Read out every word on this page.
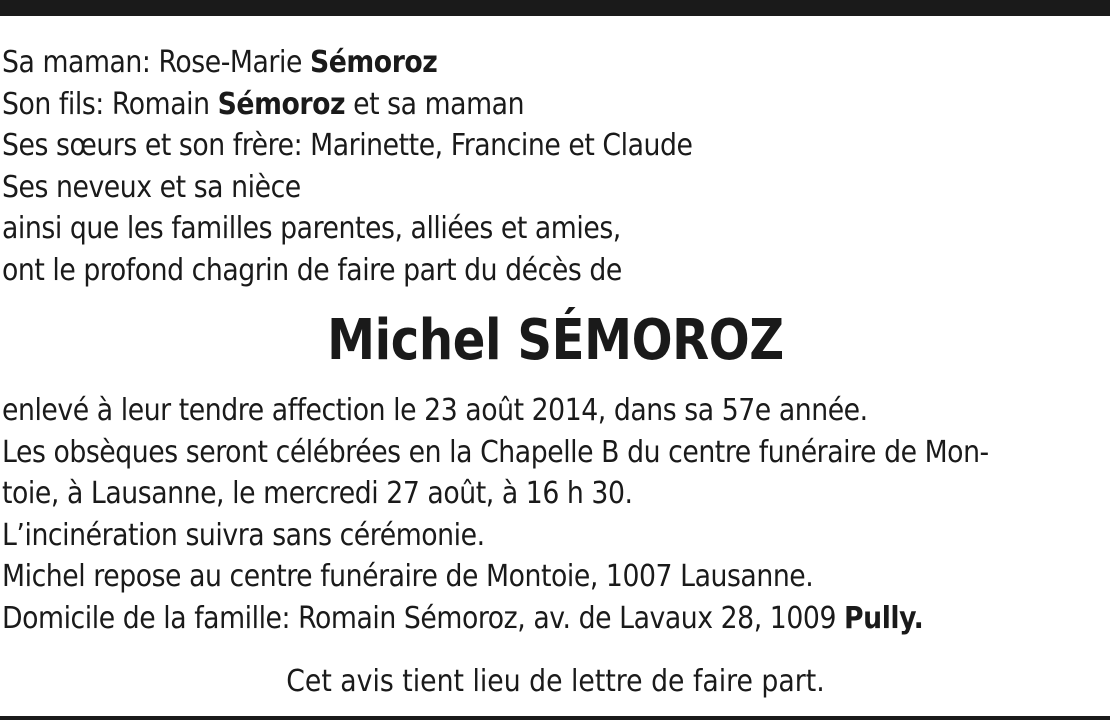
Sa maman: Rose-Marie Sémoroz
Son fils: Romain Sémoroz et sa maman
Ses sœurs et son frère: Marinette, Francine et Claude
Ses neveux et sa nièce
ainsi que les familles parentes, alliées et amies,
ont le profond chagrin de faire part du décès de
Michel SÉMOROZ
enlevé à leur tendre affection le 23 août 2014, dans sa 57e année.
Les obsèques seront célébrées en la Chapelle B du centre funéraire de Mon-
toie, à Lausanne, le mercredi 27 août, à 16 h 30.
L’incinération suivra sans cérémonie.
Michel repose au centre funéraire de Montoie, 1007 Lausanne.
Domicile de la famille: Romain Sémoroz, av. de Lavaux 28, 1009 Pully.
Cet avis tient lieu de lettre de faire part.
